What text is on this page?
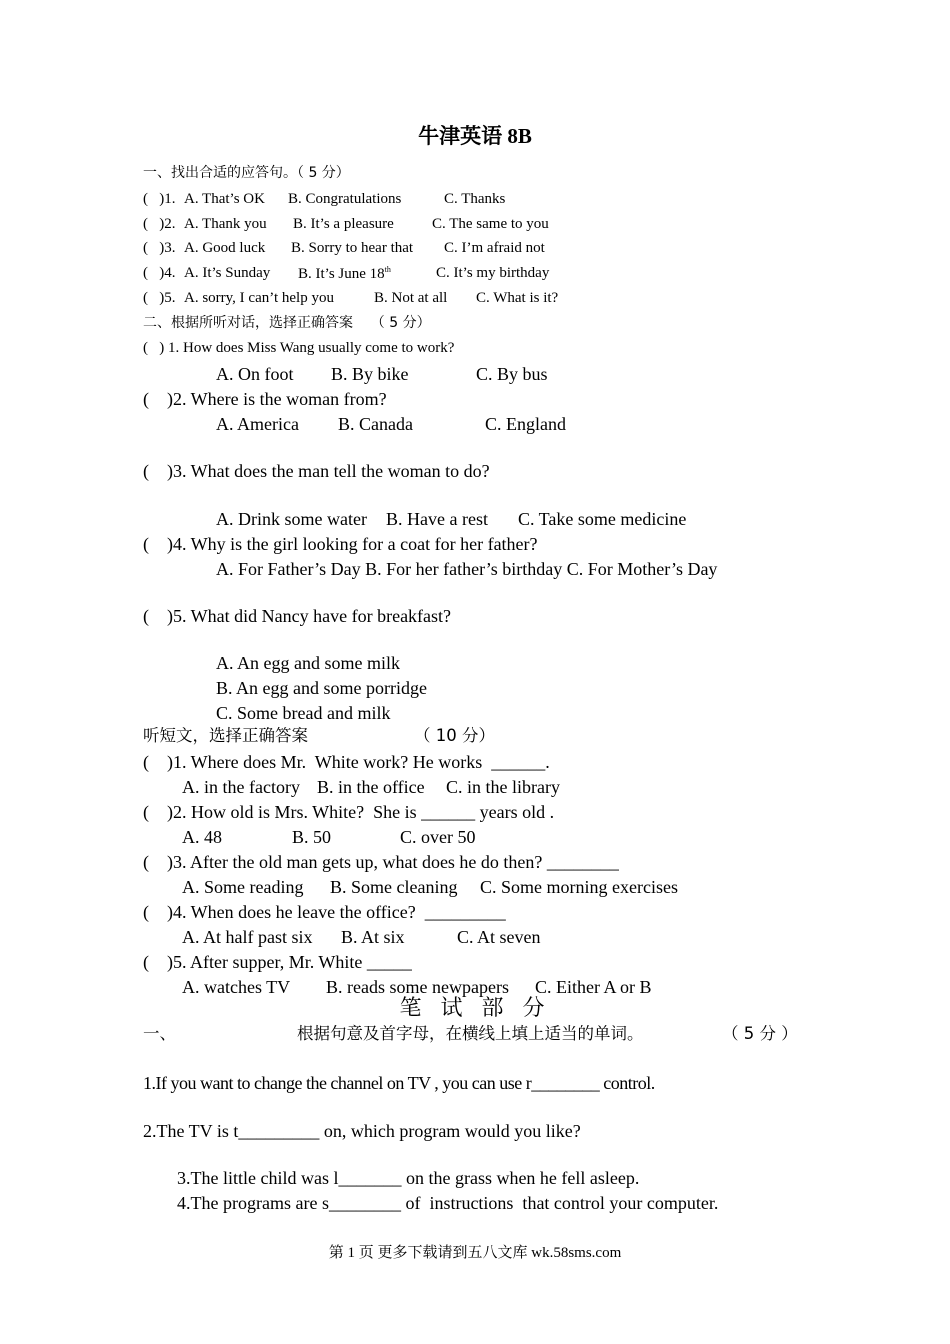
牛津英语 8B
一、找出合适的应答句。（ 5 分）
(   )1. A. That’s OK B. Congratulations	C. Thanks
(   )2. A. Thank you B. It’s a pleasure	C. The same to you
(   )3. A. Good luck B. Sorry to hear that C. I’m afraid not
(   )4. A. It’s Sunday B. It’s June 18th	C. It’s my birthday
(   )5. A. sorry, I can’t help you	B. Not at all C. What is it?
二、根据所听对话，选择正确答案    （ 5 分）
(   ) 1. How does Miss Wang usually come to work?
A. On foot B. By bike	C. By bus
(    )2. Where is the woman from?
A. America B. Canada	C. England
(    )3. What does the man tell the woman to do?
A. Drink some water B. Have a rest C. Take some medicine
(    )4. Why is the girl looking for a coat for her father?
A. For Father’s Day B. For her father’s birthday C. For Mother’s Day
(    )5. What did Nancy have for breakfast?
A. An egg and some milk
B. An egg and some porridge
C. Some bread and milk
听短文，选择正确答案	（ 10 分）
(    )1. Where does Mr.  White work? He works  ______.
A. in the factory B. in the office C. in the library
(    )2. How old is Mrs. White?  She is ______ years old .
A. 48	B. 50	C. over 50
(    )3. After the old man gets up, what does he do then? ________
A. Some reading B. Some cleaning C. Some morning exercises
(    )4. When does he leave the office?  _________
A. At half past six B. At six	C. At seven
(    )5. After supper, Mr. White _____
A. watches TV B. reads some newpapers C. Either A or B
笔 试 部 分
一、	根据句意及首字母，在横线上填上适当的单词。	（ 5 分 ）
1.If you want to change the channel on TV , you can use r________ control.
2.The TV is t_________ on, which program would you like?
3.The little child was l_______ on the grass when he fell asleep.
4.The programs are s________ of  instructions  that control your computer.
第 1 页 更多下载请到五八文库 wk.58sms.com
